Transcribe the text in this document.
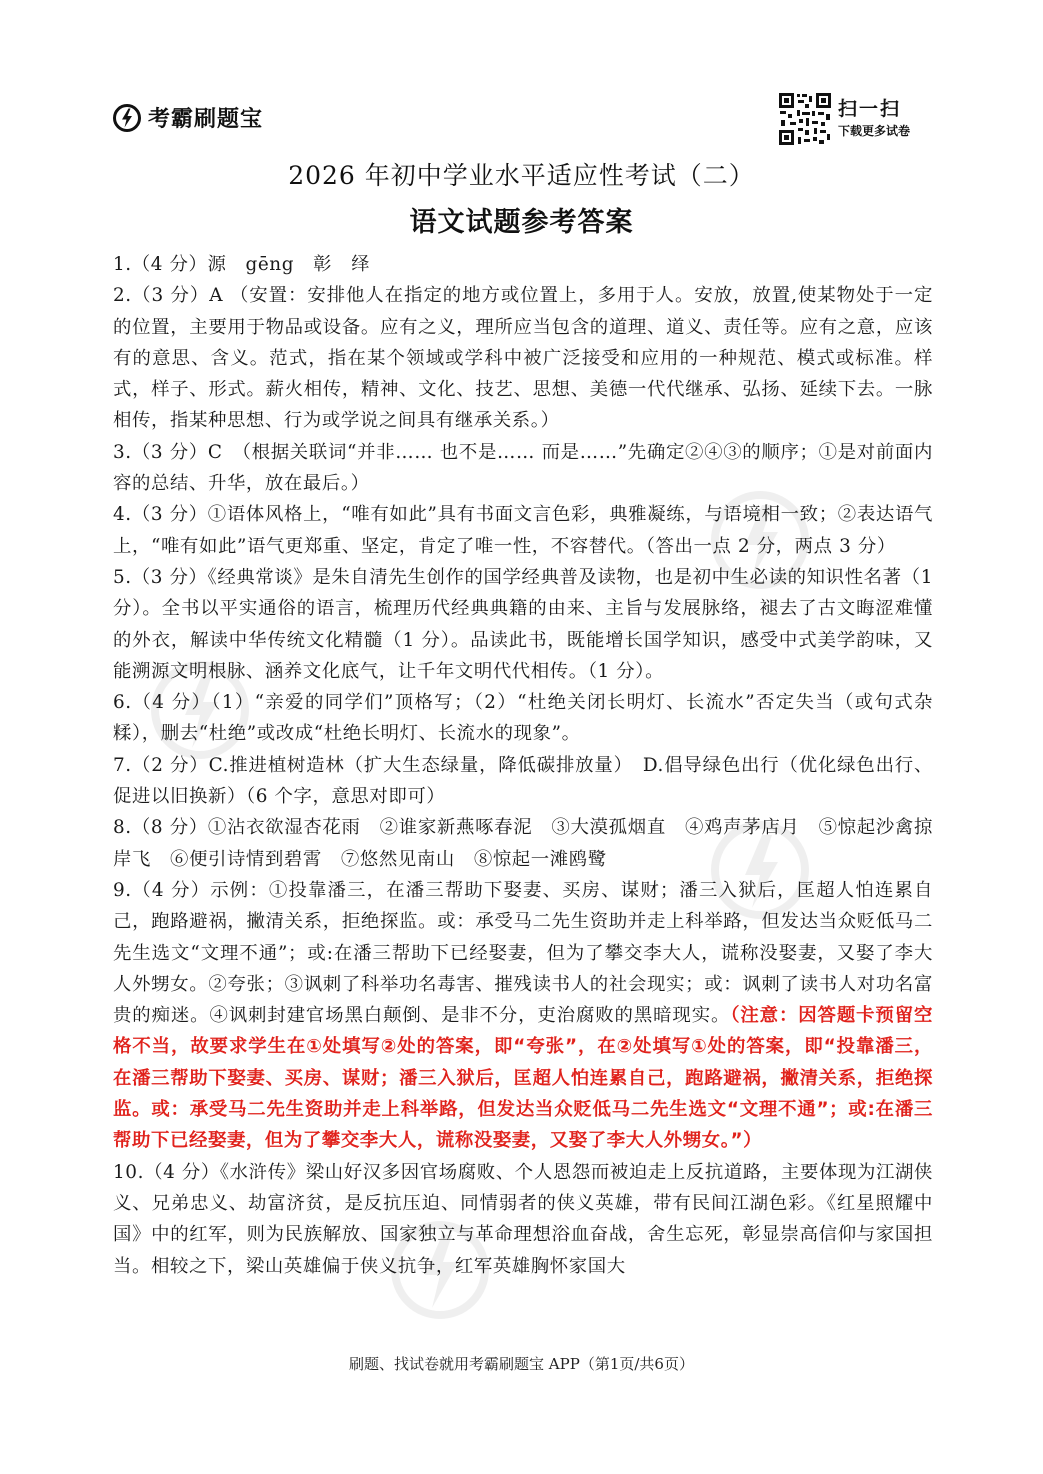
考霸刷题宝	扫一扫
下载更多试卷
2026 年初中学业水平适应性考试（二）
语文试题参考答案

1.（4 分）源　gēng　彰　绎

2.（3 分）A （安置：安排他人在指定的地方或位置上，多用于人。安放，放置,使某物处于一定的位置，主要用于物品或设备。应有之义，理所应当包含的道理、道义、责任等。应有之意，应该有的意思、含义。范式，指在某个领域或学科中被广泛接受和应用的一种规范、模式或标准。样式，样子、形式。薪火相传，精神、文化、技艺、思想、美德一代代继承、弘扬、延续下去。一脉相传，指某种思想、行为或学说之间具有继承关系。）

3.（3 分）C　（根据关联词“并非…… 也不是…… 而是……”先确定②④③的顺序；①是对前面内容的总结、升华，放在最后。）

4.（3 分）①语体风格上，“唯有如此”具有书面文言色彩，典雅凝练，与语境相一致；②表达语气上，“唯有如此”语气更郑重、坚定，肯定了唯一性，不容替代。（答出一点 2 分，两点 3 分）

5.（3 分）《经典常谈》是朱自清先生创作的国学经典普及读物，也是初中生必读的知识性名著（1 分）。全书以平实通俗的语言，梳理历代经典典籍的由来、主旨与发展脉络，褪去了古文晦涩难懂的外衣，解读中华传统文化精髓（1 分）。品读此书，既能增长国学知识，感受中式美学韵味，又能溯源文明根脉、涵养文化底气，让千年文明代代相传。（1 分）。

6.（4 分）（1）“亲爱的同学们”顶格写；（2）“杜绝关闭长明灯、长流水”否定失当（或句式杂糅），删去“杜绝”或改成“杜绝长明灯、长流水的现象”。

7.（2 分）C.推进植树造林（扩大生态绿量，降低碳排放量）　D.倡导绿色出行（优化绿色出行、促进以旧换新）（6 个字，意思对即可）

8.（8 分）①沾衣欲湿杏花雨　②谁家新燕啄春泥　③大漠孤烟直　④鸡声茅店月　⑤惊起沙禽掠岸飞　⑥便引诗情到碧霄　⑦悠然见南山　⑧惊起一滩鸥鹭

9.（4 分）示例：①投靠潘三，在潘三帮助下娶妻、买房、谋财；潘三入狱后，匡超人怕连累自己，跑路避祸，撇清关系，拒绝探监。或：承受马二先生资助并走上科举路，但发达当众贬低马二先生选文“文理不通”；或:在潘三帮助下已经娶妻，但为了攀交李大人，谎称没娶妻，又娶了李大人外甥女。②夸张；③讽刺了科举功名毒害、摧残读书人的社会现实；或：讽刺了读书人对功名富贵的痴迷。④讽刺封建官场黑白颠倒、是非不分，吏治腐败的黑暗现实。（注意：因答题卡预留空格不当，故要求学生在①处填写②处的答案，即“夸张”，在②处填写①处的答案，即“投靠潘三，在潘三帮助下娶妻、买房、谋财；潘三入狱后，匡超人怕连累自己，跑路避祸，撇清关系，拒绝探监。或：承受马二先生资助并走上科举路，但发达当众贬低马二先生选文“文理不通”；或:在潘三帮助下已经娶妻，但为了攀交李大人，谎称没娶妻，又娶了李大人外甥女。”）

10.（4 分）《水浒传》梁山好汉多因官场腐败、个人恩怨而被迫走上反抗道路，主要体现为江湖侠义、兄弟忠义、劫富济贫，是反抗压迫、同情弱者的侠义英雄，带有民间江湖色彩。《红星照耀中国》中的红军，则为民族解放、国家独立与革命理想浴血奋战，舍生忘死，彰显崇高信仰与家国担当。相较之下，梁山英雄偏于侠义抗争，红军英雄胸怀家国大

刷题、找试卷就用考霸刷题宝 APP（第1页/共6页）
